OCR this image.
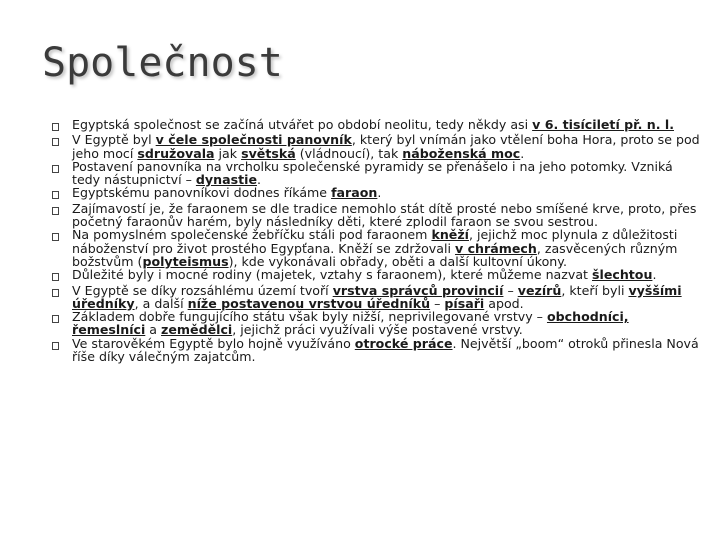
Společnost
Egyptská společnost se začíná utvářet po období neolitu, tedy někdy asi v 6. tisíciletí př. n. l.
V Egyptě byl v čele společnosti panovník, který byl vnímán jako vtělení boha Hora, proto se pod jeho mocí sdružovala jak světská (vládnoucí), tak náboženská moc.
Postavení panovníka na vrcholku společenské pyramidy se přenášelo i na jeho potomky. Vzniká tedy nástupnictví – dynastie.
Egyptskému panovníkovi dodnes říkáme faraon.
Zajímavostí je, že faraonem se dle tradice nemohlo stát dítě prosté nebo smíšené krve, proto, přes početný faraonův harém, byly následníky děti, které zplodil faraon se svou sestrou.
Na pomyslném společenské žebříčku stáli pod faraonem kněží, jejichž moc plynula z důležitosti náboženství pro život prostého Egypťana. Kněží se zdržovali v chrámech, zasvěcených různým božstvům (polyteismus), kde vykonávali obřady, oběti a další kultovní úkony.
Důležité byly i mocné rodiny (majetek, vztahy s faraonem), které můžeme nazvat šlechtou.
V Egyptě se díky rozsáhlému území tvoří vrstva správců provincií – vezírů, kteří byli vyššími úředníky, a další níže postavenou vrstvou úředníků – písaři apod.
Základem dobře fungujícího státu však byly nižší, neprivilegované vrstvy – obchodníci, řemeslníci a zemědělci, jejichž práci využívali výše postavené vrstvy.
Ve starověkém Egyptě bylo hojně využíváno otrocké práce. Největší „boom“ otroků přinesla Nová říše díky válečným zajatcům.
